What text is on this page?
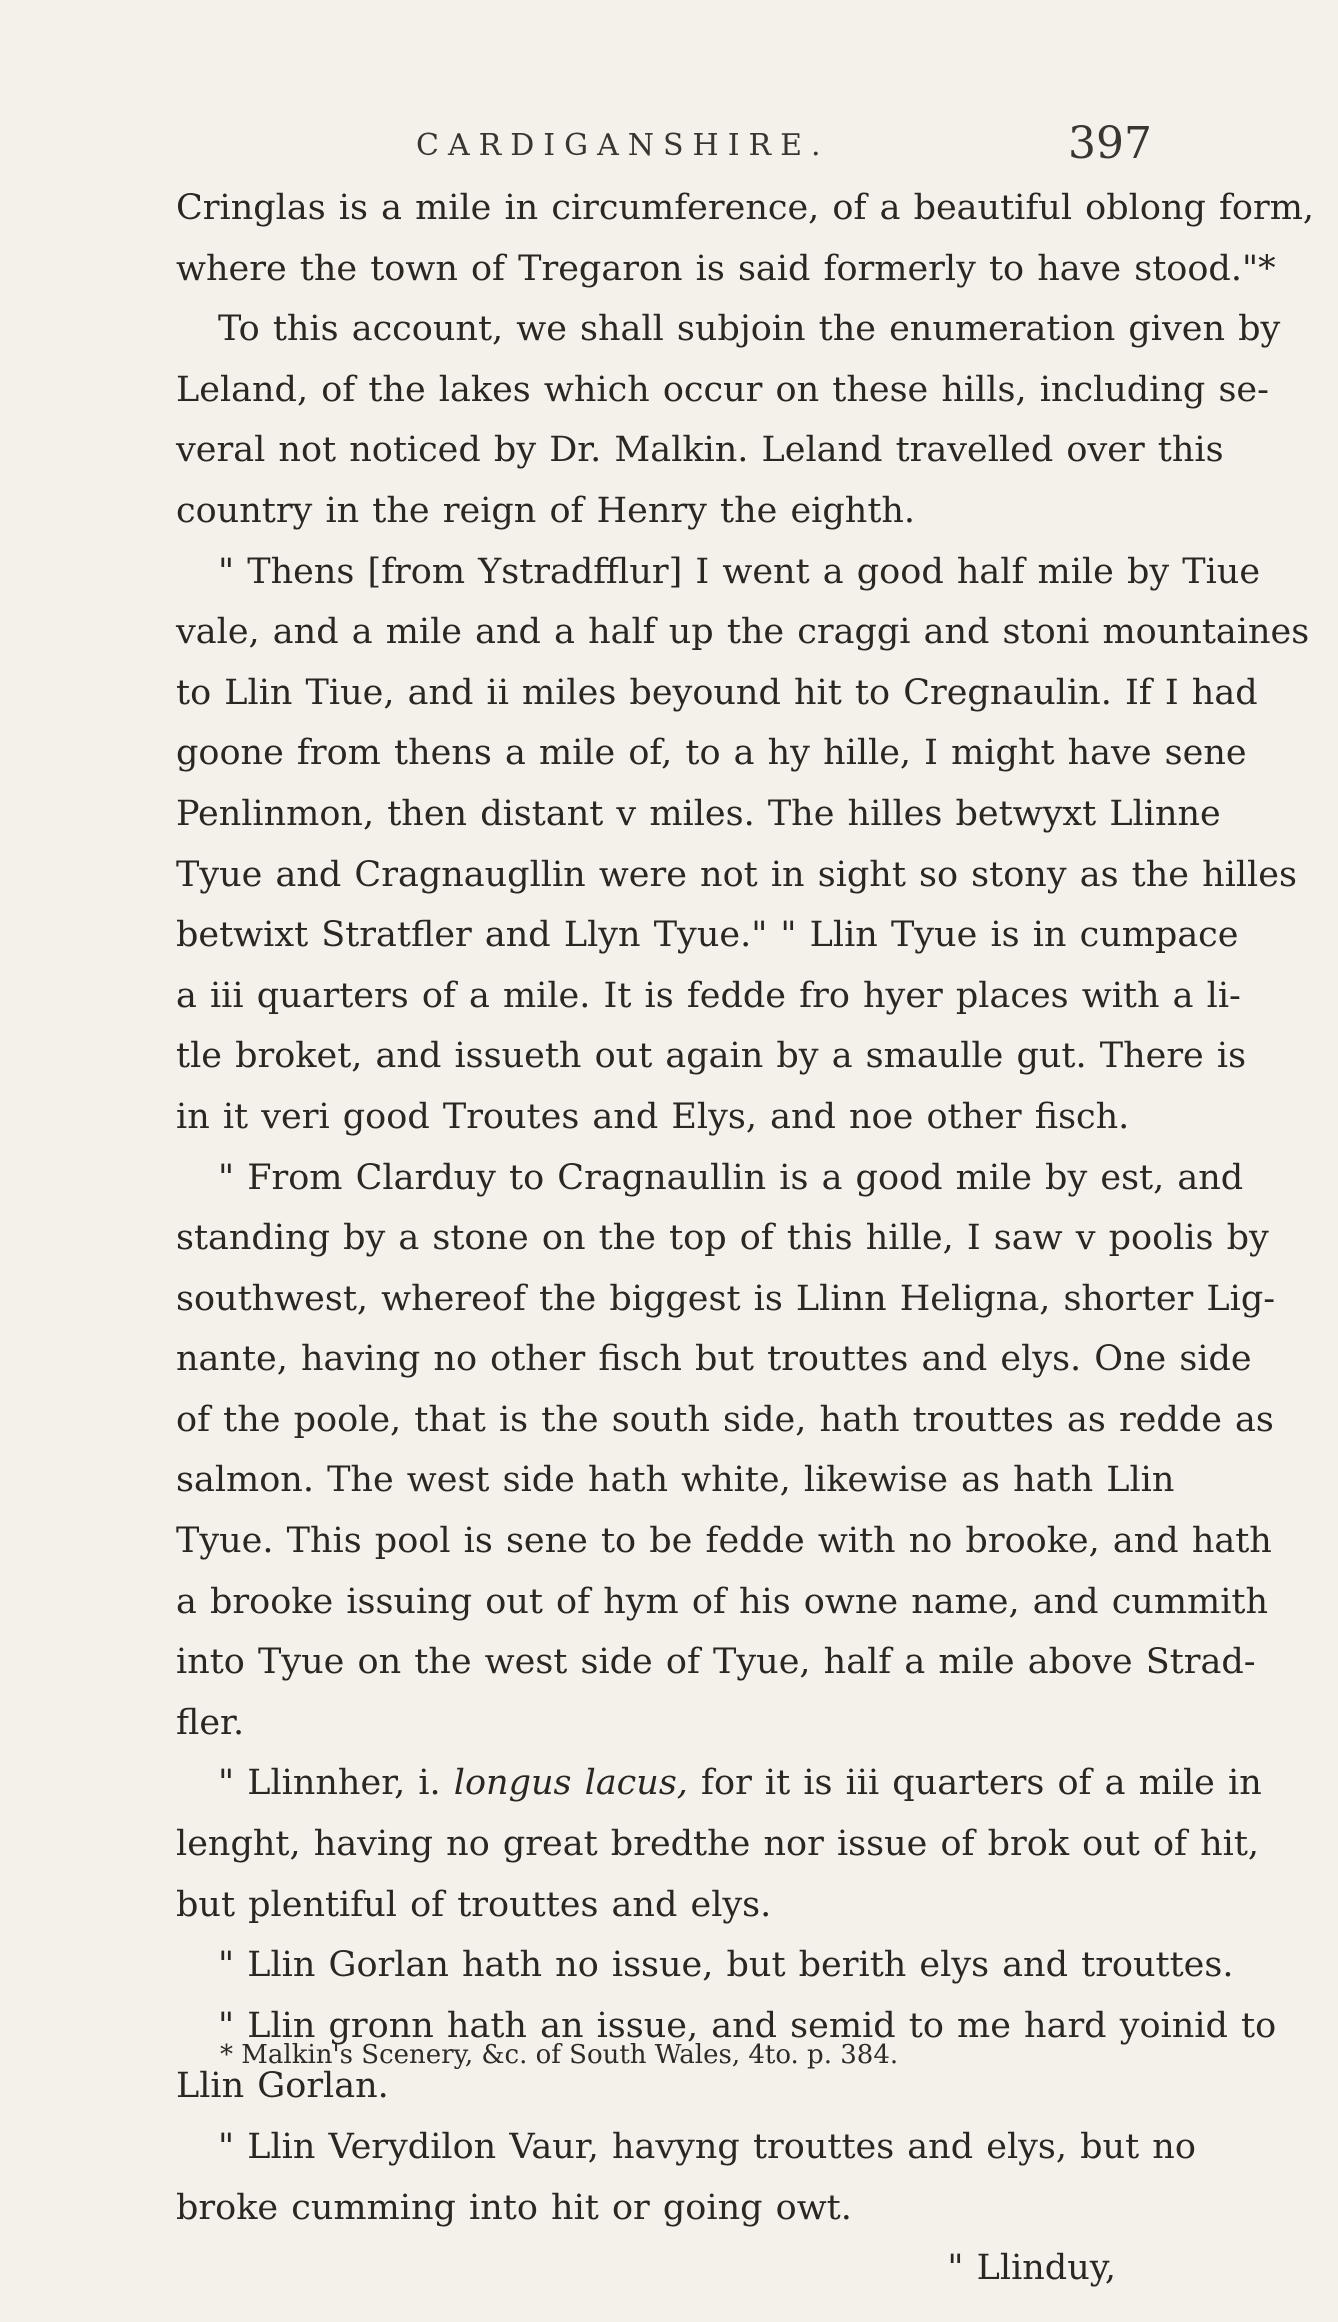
CARDIGANSHIRE.	397
Cringlas is a mile in circumference, of a beautiful oblong form,
where the town of Tregaron is said formerly to have stood."*
To this account, we shall subjoin the enumeration given by
Leland, of the lakes which occur on these hills, including se-
veral not noticed by Dr. Malkin. Leland travelled over this
country in the reign of Henry the eighth.
" Thens [from Ystradfflur] I went a good half mile by Tiue
vale, and a mile and a half up the craggi and stoni mountaines
to Llin Tiue, and ii miles beyound hit to Cregnaulin. If I had
goone from thens a mile of, to a hy hille, I might have sene
Penlinmon, then distant v miles. The hilles betwyxt Llinne
Tyue and Cragnaugllin were not in sight so stony as the hilles
betwixt Stratfler and Llyn Tyue." " Llin Tyue is in cumpace
a iii quarters of a mile. It is fedde fro hyer places with a li-
tle broket, and issueth out again by a smaulle gut. There is
in it veri good Troutes and Elys, and noe other fisch.
" From Clarduy to Cragnaullin is a good mile by est, and
standing by a stone on the top of this hille, I saw v poolis by
southwest, whereof the biggest is Llinn Heligna, shorter Lig-
nante, having no other fisch but trouttes and elys. One side
of the poole, that is the south side, hath trouttes as redde as
salmon. The west side hath white, likewise as hath Llin
Tyue. This pool is sene to be fedde with no brooke, and hath
a brooke issuing out of hym of his owne name, and cummith
into Tyue on the west side of Tyue, half a mile above Strad-
fler.
" Llinnher, i. longus lacus, for it is iii quarters of a mile in
lenght, having no great bredthe nor issue of brok out of hit,
but plentiful of trouttes and elys.
" Llin Gorlan hath no issue, but berith elys and trouttes.
" Llin gronn hath an issue, and semid to me hard yoinid to
Llin Gorlan.
" Llin Verydilon Vaur, havyng trouttes and elys, but no
broke cumming into hit or going owt.
" Llinduy,
* Malkin's Scenery, &c. of South Wales, 4to. p. 384.
